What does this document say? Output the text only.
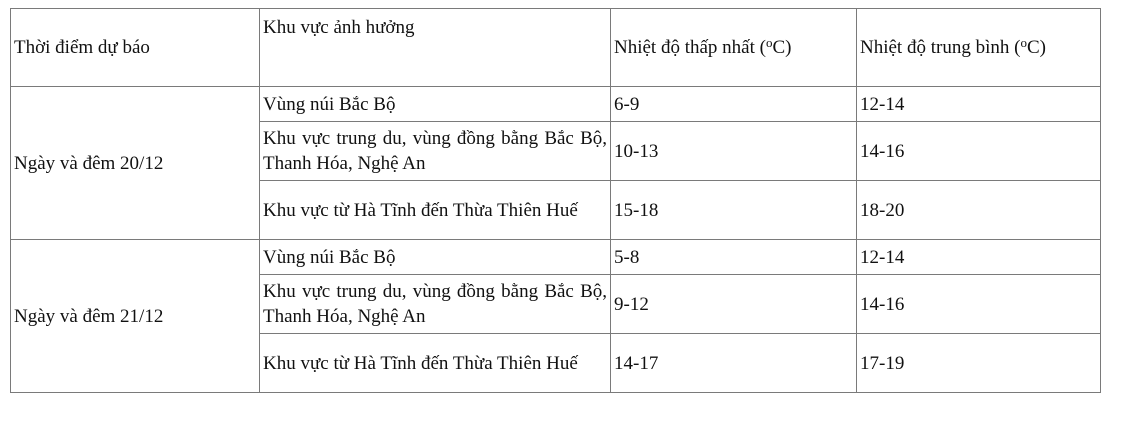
Thời điểm dự báo	Khu vực ảnh hưởng	Nhiệt độ thấp nhất ($^o$C)	Nhiệt độ trung bình ($^o$C)
Ngày và đêm 20/12	Vùng núi Bắc Bộ	6-9	12-14
	Khu vực trung du, vùng đồng bằng Bắc Bộ, Thanh Hóa, Nghệ An	10-13	14-16
	Khu vực từ Hà Tĩnh đến Thừa Thiên Huế	15-18	18-20
Ngày và đêm 21/12	Vùng núi Bắc Bộ	5-8	12-14
	Khu vực trung du, vùng đồng bằng Bắc Bộ, Thanh Hóa, Nghệ An	9-12	14-16
	Khu vực từ Hà Tĩnh đến Thừa Thiên Huế	14-17	17-19
